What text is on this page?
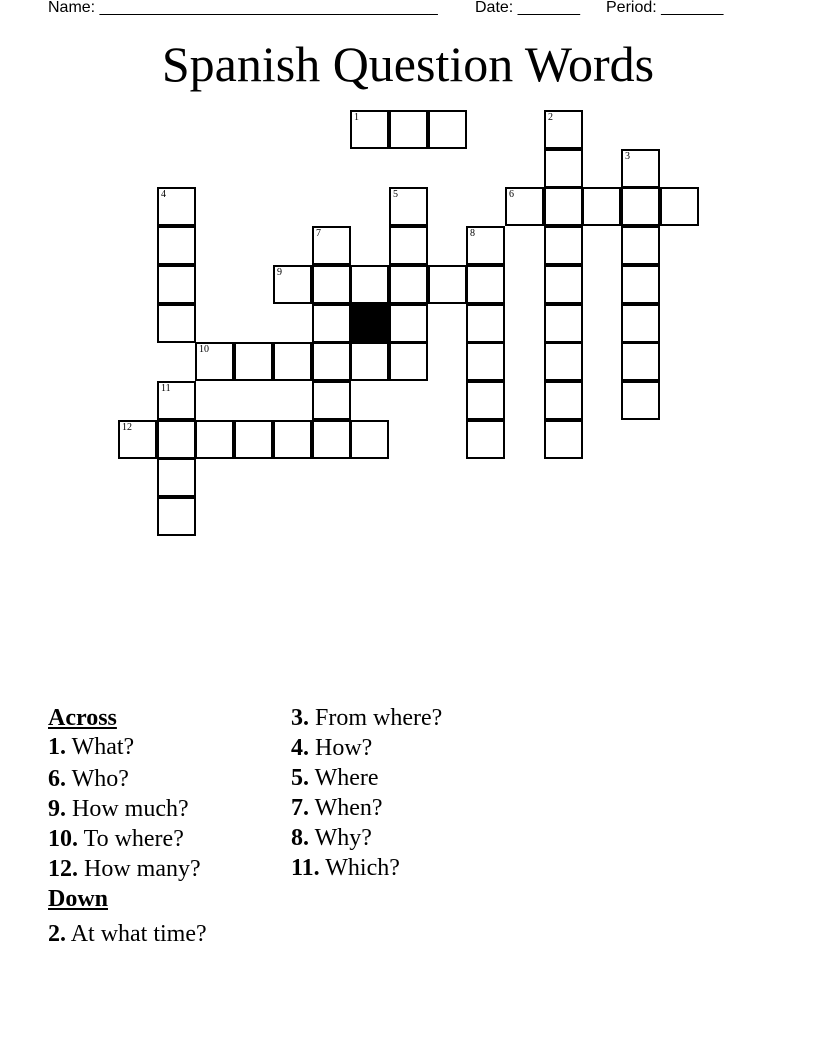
Name: ______________________________________ Date: _______ Period: _______
Spanish Question Words
1	2
3
4	5	6
7	8
9
10
11
12
Across
1. What?
6. Who?
9. How much?
10. To where?
12. How many?
Down
2. At what time?
3. From where?
4. How?
5. Where
7. When?
8. Why?
11. Which?
